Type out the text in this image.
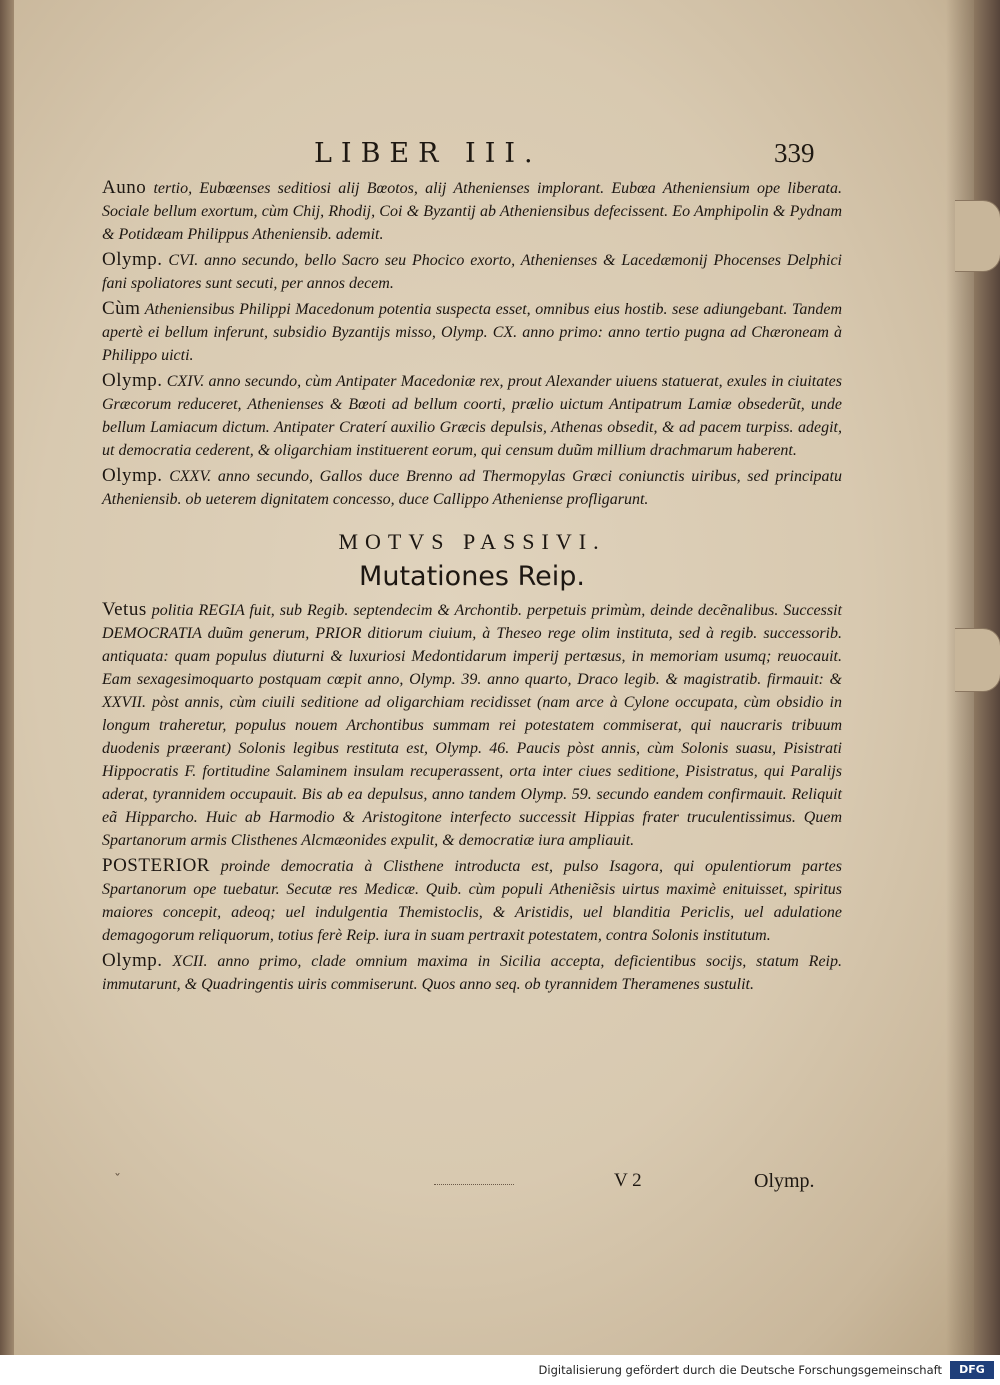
LIBER III.	339

Auno tertio, Eubœenses seditiosi alij Bœotos, alij Athenienses implorant. Eubœa Atheniensium ope liberata. Sociale bellum exortum, cùm Chij, Rhodij, Coi & Byzantij ab Atheniensibus defecissent. Eo Amphipolin & Pydnam & Potidæam Philippus Atheniensib. ademit.

Olymp. CVI. anno secundo, bello Sacro seu Phocico exorto, Athenienses & Lacedæmonij Phocenses Delphici fani spoliatores sunt secuti, per annos decem.

Cùm Atheniensibus Philippi Macedonum potentia suspecta esset, omnibus eius hostib. sese adiungebant. Tandem apertè ei bellum inferunt, subsidio Byzantijs misso, Olymp. CX. anno primo: anno tertio pugna ad Chæroneam à Philippo uicti.

Olymp. CXIV. anno secundo, cùm Antipater Macedoniæ rex, prout Alexander uiuens statuerat, exules in ciuitates Græcorum reduceret, Athenienses & Bœoti ad bellum coorti, prælio uictum Antipatrum Lamiæ obsederũt, unde bellum Lamiacum dictum. Antipater Craterí auxilio Græcis depulsis, Athenas obsedit, & ad pacem turpiss. adegit, ut democratia cederent, & oligarchiam instituerent eorum, qui censum duũm millium drachmarum haberent.

Olymp. CXXV. anno secundo, Gallos duce Brenno ad Thermopylas Græci coniunctis uiribus, sed principatu Atheniensib. ob ueterem dignitatem concesso, duce Callippo Atheniense profligarunt.

MOTVS PASSIVI.
Mutationes Reip.

Vetus politia REGIA fuit, sub Regib. septendecim & Archontib. perpetuis primùm, deinde decẽnalibus. Successit DEMOCRATIA duũm generum, PRIOR ditiorum ciuium, à Theseo rege olim instituta, sed à regib. successorib. antiquata: quam populus diuturni & luxuriosi Medontidarum imperij pertæsus, in memoriam usumq; reuocauit. Eam sexagesimoquarto postquam cœpit anno, Olymp. 39. anno quarto, Draco legib. & magistratib. firmauit: & XXVII. pòst annis, cùm ciuili seditione ad oligarchiam recidisset (nam arce à Cylone occupata, cùm obsidio in longum traheretur, populus nouem Archontibus summam rei potestatem commiserat, qui naucraris tribuum duodenis præerant) Solonis legibus restituta est, Olymp. 46. Paucis pòst annis, cùm Solonis suasu, Pisistrati Hippocratis F. fortitudine Salaminem insulam recuperassent, orta inter ciues seditione, Pisistratus, qui Paralijs aderat, tyrannidem occupauit. Bis ab ea depulsus, anno tandem Olymp. 59. secundo eandem confirmauit. Reliquit eã Hipparcho. Huic ab Harmodio & Aristogitone interfecto successit Hippias frater truculentissimus. Quem Spartanorum armis Clisthenes Alcmæonides expulit, & democratiæ iura ampliauit.

POSTERIOR proinde democratia à Clisthene introducta est, pulso Isagora, qui opulentiorum partes Spartanorum ope tuebatur. Secutæ res Medicæ. Quib. cùm populi Atheniẽsis uirtus maximè enituisset, spiritus maiores concepit, adeoq; uel indulgentia Themistoclis, & Aristidis, uel blanditia Periclis, uel adulatione demagogorum reliquorum, totius ferè Reip. iura in suam pertraxit potestatem, contra Solonis institutum.

Olymp. XCII. anno primo, clade omnium maxima in Sicilia accepta, deficientibus socijs, statum Reip. immutarunt, & Quadringentis uiris commiserunt. Quos anno seq. ob tyrannidem Theramenes sustulit.

ˇ	V 2	Olymp.
Digitalisierung gefördert durch die Deutsche Forschungsgemeinschaft	DFG
